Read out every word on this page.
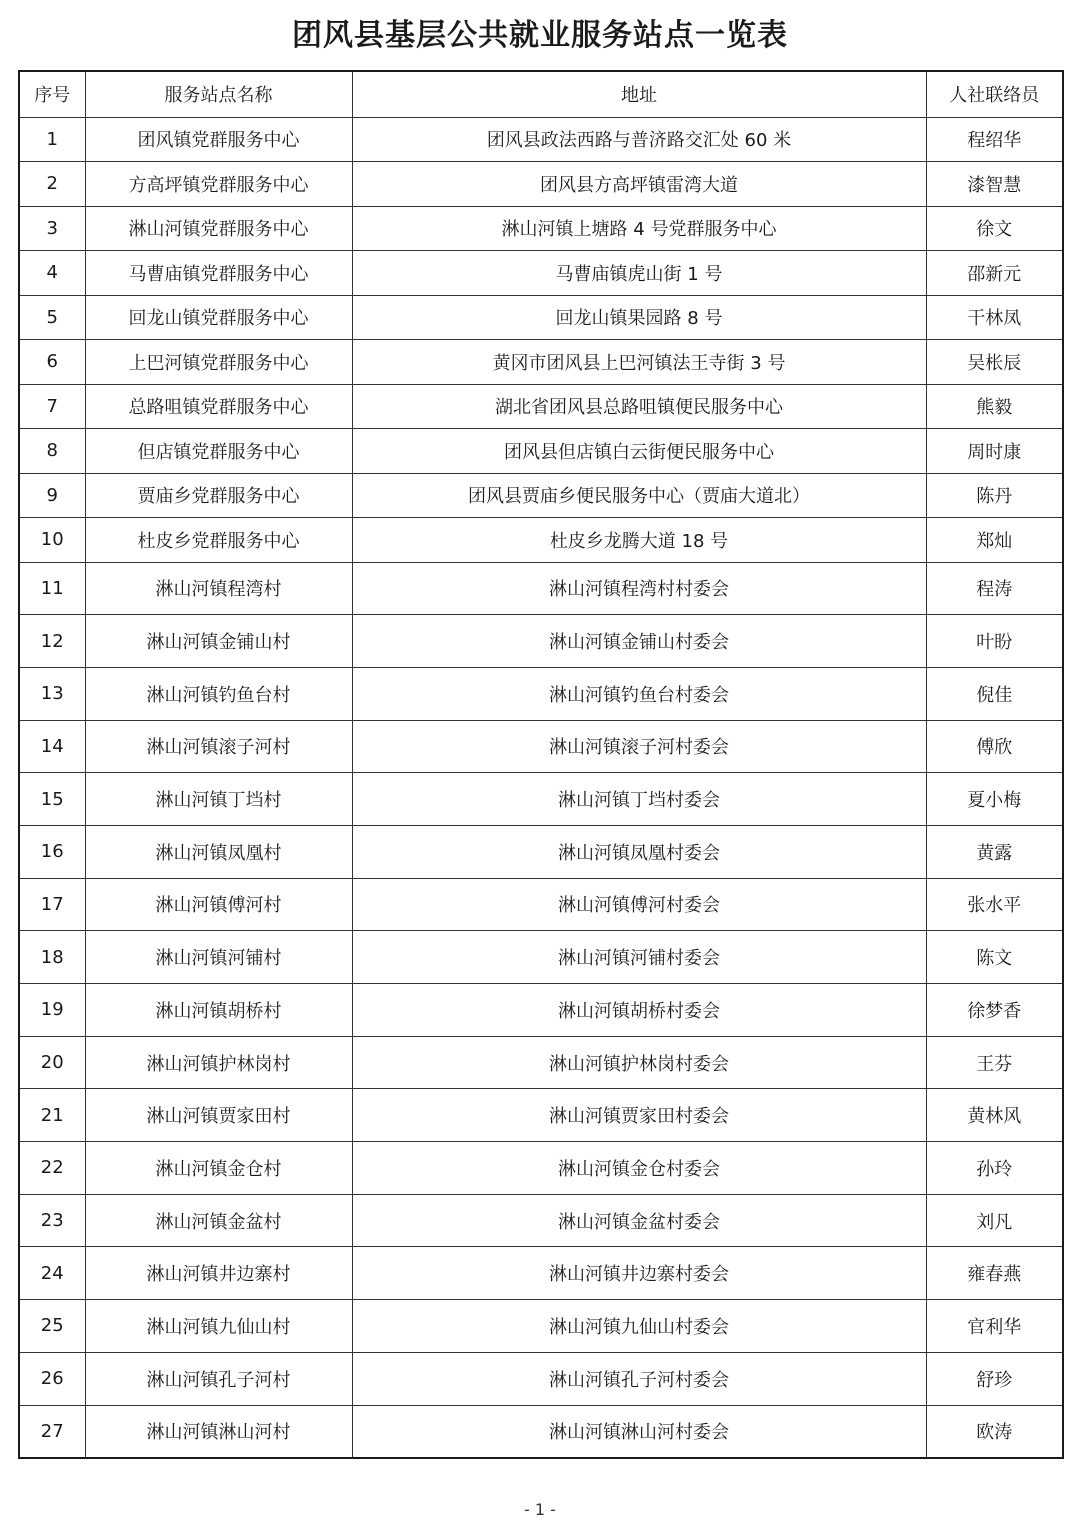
团风县基层公共就业服务站点一览表
序号	服务站点名称	地址	人社联络员
1	团风镇党群服务中心	团风县政法西路与普济路交汇处 60 米	程绍华
2	方高坪镇党群服务中心	团风县方高坪镇雷湾大道	漆智慧
3	淋山河镇党群服务中心	淋山河镇上塘路 4 号党群服务中心	徐文
4	马曹庙镇党群服务中心	马曹庙镇虎山街 1 号	邵新元
5	回龙山镇党群服务中心	回龙山镇果园路 8 号	干林凤
6	上巴河镇党群服务中心	黄冈市团风县上巴河镇法王寺街 3 号	吴枨辰
7	总路咀镇党群服务中心	湖北省团风县总路咀镇便民服务中心	熊毅
8	但店镇党群服务中心	团风县但店镇白云街便民服务中心	周时康
9	贾庙乡党群服务中心	团风县贾庙乡便民服务中心（贾庙大道北）	陈丹
10	杜皮乡党群服务中心	杜皮乡龙腾大道 18 号	郑灿
11	淋山河镇程湾村	淋山河镇程湾村村委会	程涛
12	淋山河镇金铺山村	淋山河镇金铺山村委会	叶盼
13	淋山河镇钓鱼台村	淋山河镇钓鱼台村委会	倪佳
14	淋山河镇滚子河村	淋山河镇滚子河村委会	傅欣
15	淋山河镇丁垱村	淋山河镇丁垱村委会	夏小梅
16	淋山河镇凤凰村	淋山河镇凤凰村委会	黄露
17	淋山河镇傅河村	淋山河镇傅河村委会	张水平
18	淋山河镇河铺村	淋山河镇河铺村委会	陈文
19	淋山河镇胡桥村	淋山河镇胡桥村委会	徐梦香
20	淋山河镇护林岗村	淋山河镇护林岗村委会	王芬
21	淋山河镇贾家田村	淋山河镇贾家田村委会	黄林风
22	淋山河镇金仓村	淋山河镇金仓村委会	孙玲
23	淋山河镇金盆村	淋山河镇金盆村委会	刘凡
24	淋山河镇井边寨村	淋山河镇井边寨村委会	雍春燕
25	淋山河镇九仙山村	淋山河镇九仙山村委会	官利华
26	淋山河镇孔子河村	淋山河镇孔子河村委会	舒珍
27	淋山河镇淋山河村	淋山河镇淋山河村委会	欧涛
- 1 -
